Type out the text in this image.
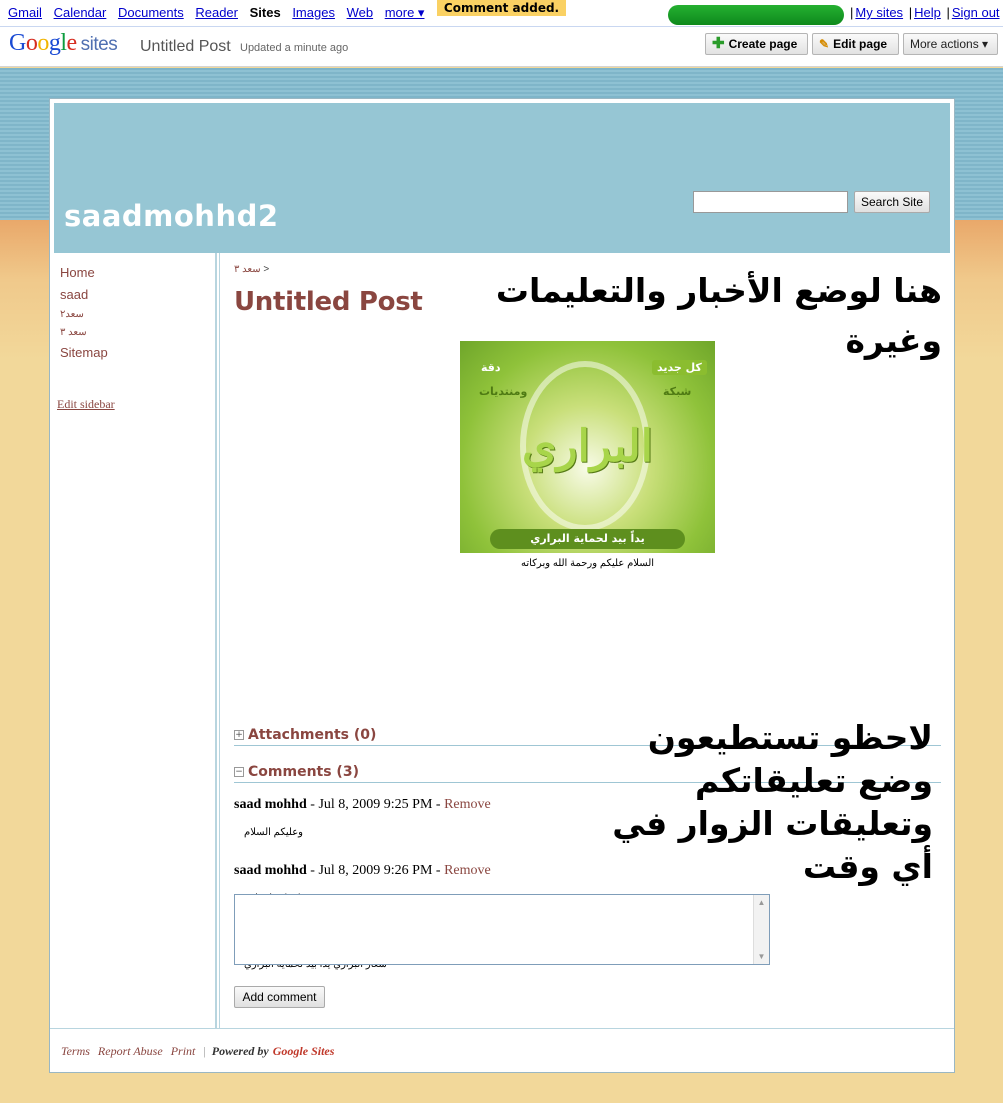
Gmail Calendar Documents Reader Sites Images Web more ▾	Comment added.	| My sites | Help | Sign out
Google sites Untitled Post Updated a minute ago	✚ Create page	✎ Edit page	More actions ▾
saadmohhd2	Search Site
Home
saad
سعد٢
سعد ٣
Sitemap
Edit sidebar
سعد ٣ >
Untitled Post	هنا لوضع الأخبار والتعليمات
وغيرة
كل جديد
شبكة
دقة
ومنتديات
البراري
يداً بيد لحماية البراري
السلام عليكم ورحمة الله وبركاته
+ Attachments (0)
− Comments (3)
saad mohhd - Jul 8, 2009 9:25 PM - Remove
وعليكم السلام
saad mohhd - Jul 8, 2009 9:26 PM - Remove
لاحظو تستطيعون
وضع تعليقاتكم
وتعليقات الزوار في
أي وقت
▲
▼
Add comment
Terms Report Abuse Print | Powered by Google Sites
